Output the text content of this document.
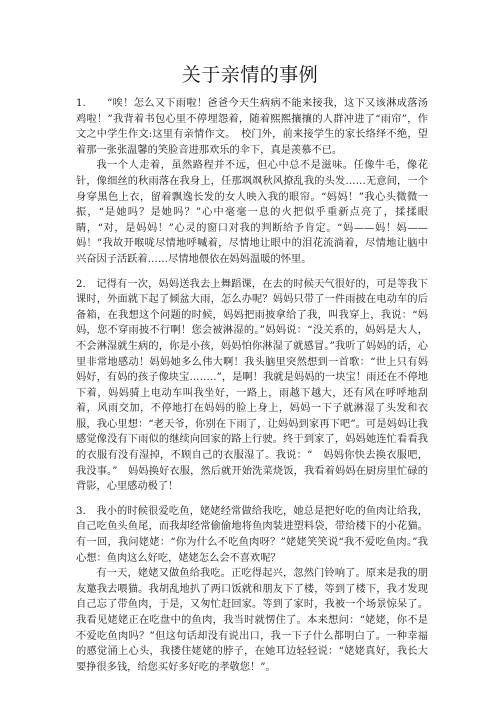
关于亲情的事例

1.　　“唉！怎么又下雨啦！爸爸今天生病病不能来接我，这下又该淋成落汤鸡啦！”我背着书包心里不停埋怨着，随着熙熙攘攘的人群冲进了“雨帘”，作文之中学生作文:这里有亲情作文。　校门外，前来接学生的家长络绎不绝，望着那一张张温馨的笑脸音进那欢乐的伞下，真是羡慕不已。

我一个人走着，虽然路程并不远，但心中总不是滋味。任像牛毛，像花针，像细丝的秋雨落在我身上，任那飒飒秋风撩乱我的头发……无意间，一个身穿黑色上衣，留着飘逸长发的女人映入我的眼帘。“妈妈！”我心头微微一振，“是她吗？是她吗？”心中毫毫一息的火把似乎重新点亮了，揉揉眼睛，“对，是妈妈！”心灵的窗口对我的判断给予肯定。“妈——妈！妈——妈！”我故开喉咙尽情地呼喊着，尽情地让眼中的泪花流淌着，尽情地让脑中兴奋因子活跃着……尽情地偎依在妈妈温暖的怀里。

2.　记得有一次，妈妈送我去上舞蹈课，在去的时候天气很好的，可是等我下课时，外面就下起了倾盆大雨，怎么办呢？妈妈只带了一件雨披在电动车的后备箱，在我想这个问题的时候，妈妈把雨披拿给了我，叫我穿上，我说：“妈妈，您不穿雨披不行啊！您会被淋湿的。”妈妈说：“没关系的，妈妈是大人，不会淋湿就生病的，你是小孩，妈妈怕你淋湿了就感冒。”我听了妈妈的话，心里非常地感动！妈妈她多么伟大啊！我头脑里突然想到一首歌：“世上只有妈妈好，有妈的孩子像块宝……..”，是啊！我就是妈妈的一块宝！雨还在不停地下着，妈妈骑上电动车叫我坐好，一路上，雨越下越大，还有风在呼呼地刮着，风雨交加，不停地打在妈妈的脸上身上，妈妈一下子就淋湿了头发和衣服，我心里想：“老天爷，你别在下雨了，让妈妈到家再下吧”。可是妈妈让我感觉像没有下雨似的继续向回家的路上行驶。终于到家了，妈妈她连忙看看我的衣服有没有湿掉，不顾自己的衣服湿了。我说：“　妈妈你快去换衣服吧，我没事。”　妈妈换好衣服，然后就开始洗菜烧饭，我看着妈妈在厨房里忙碌的背影，心里感动极了！

3.　我小的时候很爱吃鱼，姥姥经常做给我吃，她总是把好吃的鱼肉让给我，自己吃鱼头鱼尾，而我却经常偷偷地将鱼肉装进塑料袋，带给楼下的小花猫。有一回，我问姥姥：“你为什么不吃鱼肉呀？”姥姥笑笑说“我不爱吃鱼肉。”我心想：鱼肉这么好吃，姥姥怎么会不喜欢呢？

有一天，姥姥又做鱼给我吃。正吃得起兴，忽然门铃响了。原来是我的朋友邀我去喂猫。我胡乱地扒了两口饭就和朋友下了楼，等到了楼下，我才发现自己忘了带鱼肉，于是，又匆忙赶回家。等到了家时，我被一个场景惊呆了。我看见姥姥正在吃盘中的鱼肉，我当时就愣住了。本来想问：“姥姥，你不是不爱吃鱼肉吗？”但这句话却没有说出口，我一下子什么都明白了。一种幸福的感觉涌上心头，我搂住姥姥的脖子，在她耳边轻轻说：“姥姥真好，我长大要挣很多钱，给您买好多好吃的孝敬您！”。
